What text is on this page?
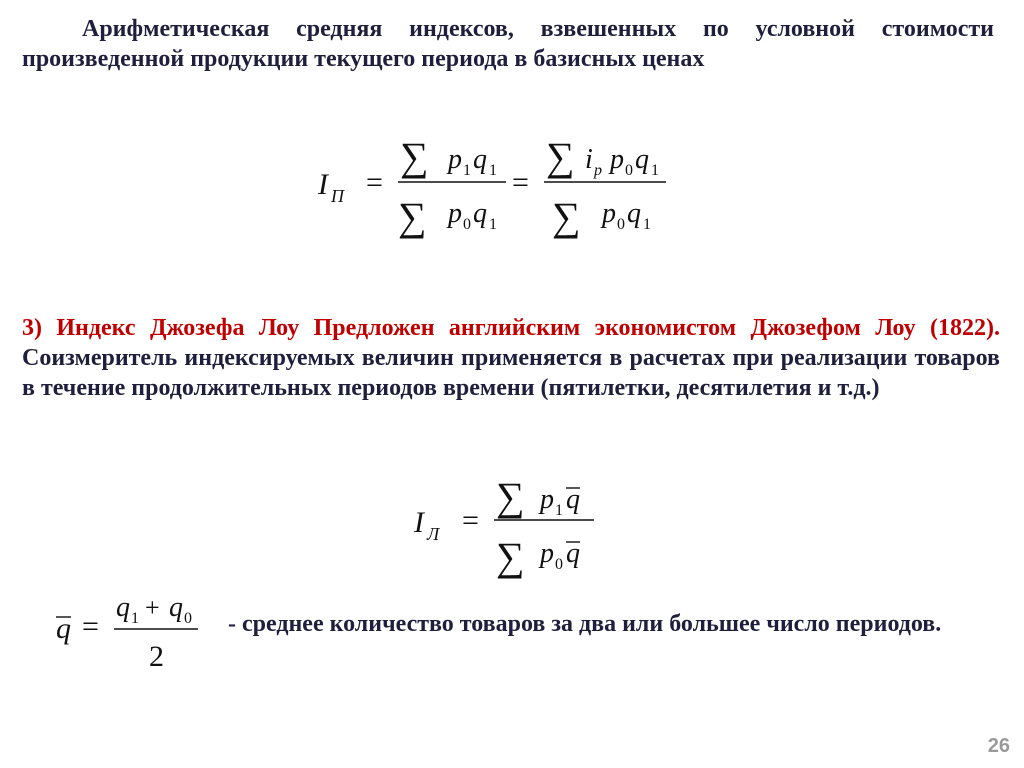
Арифметическая средняя индексов, взвешенных по условной стоимости произведенной продукции текущего периода в базисных ценах
I П =
∑ p 1 q 1
∑ p 0 q 1
=
∑ i p p 0 q 1
∑ p 0 q 1
3) Индекс Джозефа Лоу Предложен английским экономистом Джозефом Лоу (1822). Соизмеритель индексируемых величин применяется в расчетах при реализации товаров в течение продолжительных периодов времени (пятилетки, десятилетия и т.д.)
I Л =
∑ p 1 q
∑ p 0 q
q =
q 1 + q 0
2
- среднее количество товаров за два или большее число периодов.
26
